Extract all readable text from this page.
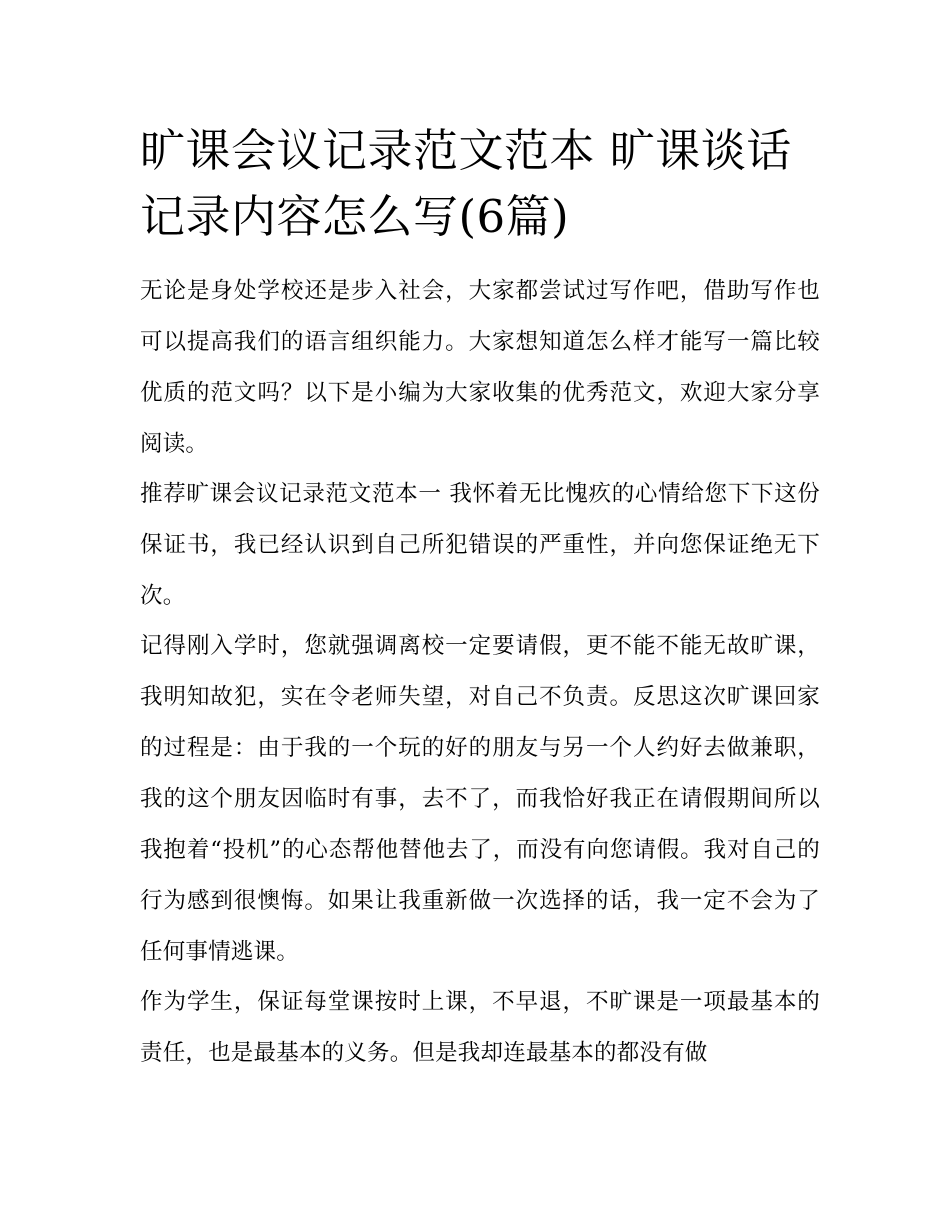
旷课会议记录范文范本 旷课谈话记录内容怎么写(6篇)

无论是身处学校还是步入社会，大家都尝试过写作吧，借助写作也可以提高我们的语言组织能力。大家想知道怎么样才能写一篇比较优质的范文吗？以下是小编为大家收集的优秀范文，欢迎大家分享阅读。

推荐旷课会议记录范文范本一 我怀着无比愧疚的心情给您下下这份保证书，我已经认识到自己所犯错误的严重性，并向您保证绝无下次。

记得刚入学时，您就强调离校一定要请假，更不能不能无故旷课，我明知故犯，实在令老师失望，对自己不负责。反思这次旷课回家的过程是：由于我的一个玩的好的朋友与另一个人约好去做兼职，我的这个朋友因临时有事，去不了，而我恰好我正在请假期间所以我抱着“投机”的心态帮他替他去了，而没有向您请假。我对自己的行为感到很懊悔。如果让我重新做一次选择的话，我一定不会为了任何事情逃课。

作为学生，保证每堂课按时上课，不早退，不旷课是一项最基本的责任，也是最基本的义务。但是我却连最基本的都没有做
